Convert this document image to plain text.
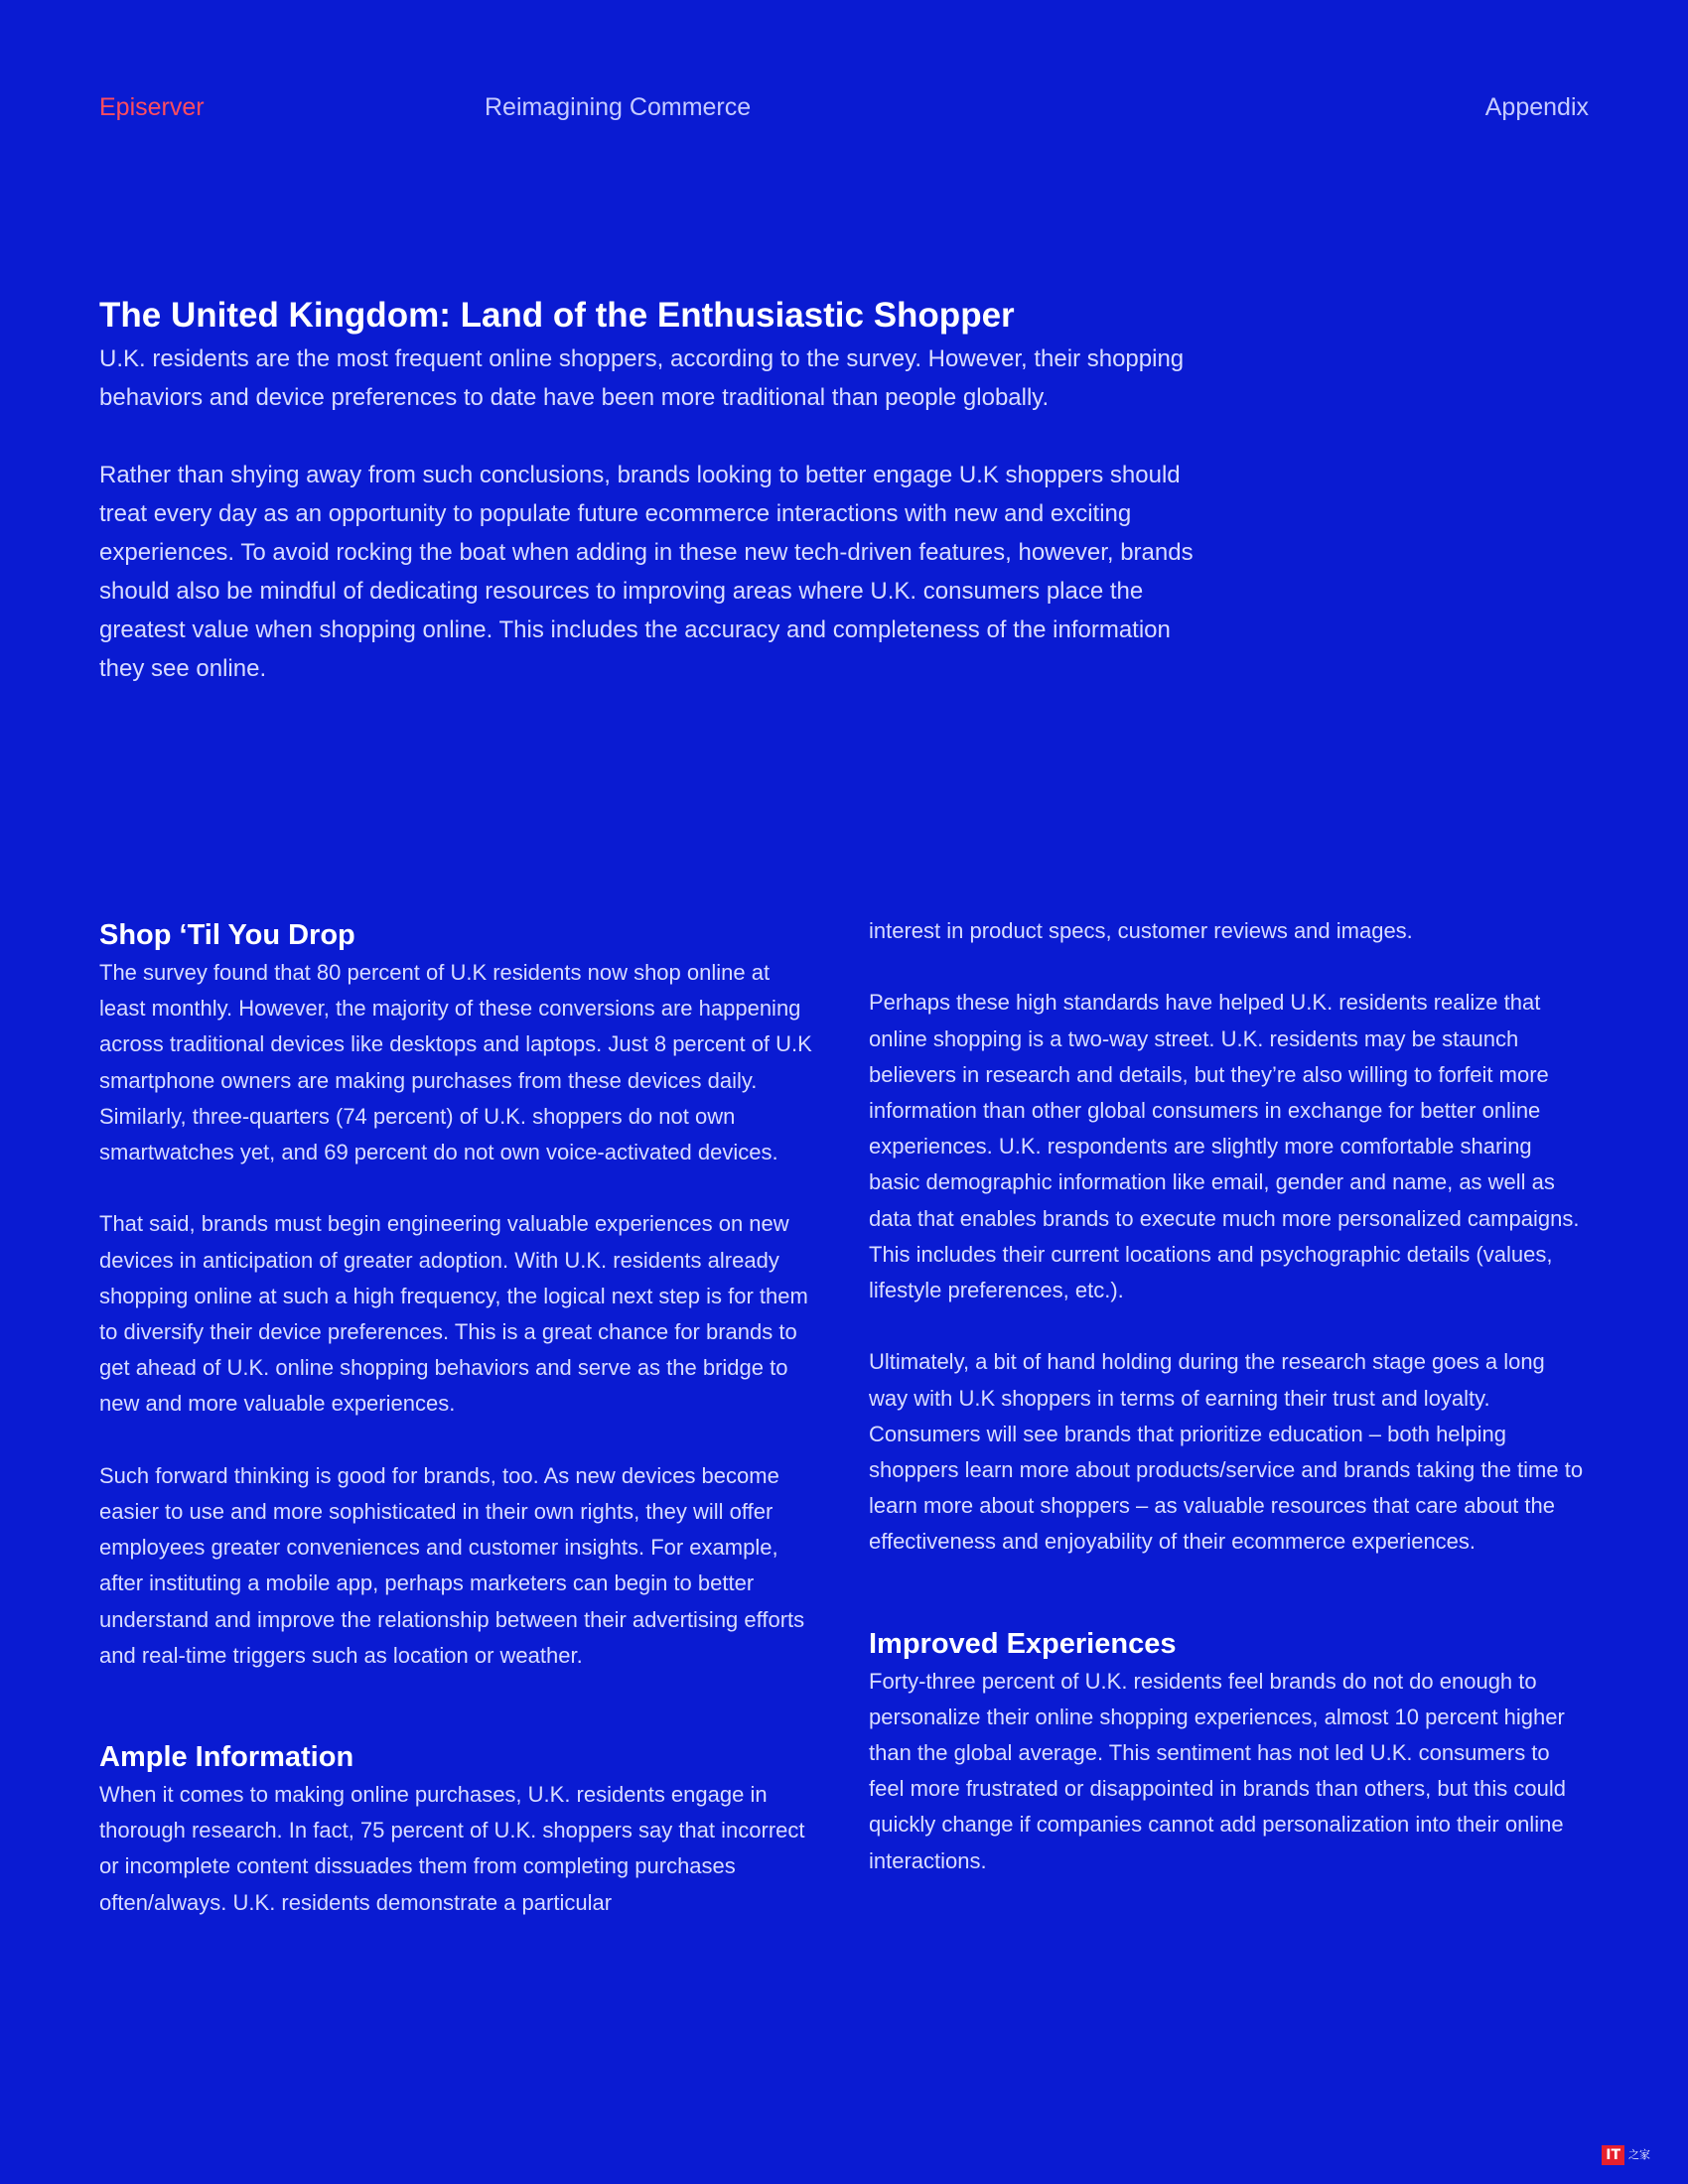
Episerver	Reimagining Commerce	Appendix
The United Kingdom: Land of the Enthusiastic Shopper

U.K. residents are the most frequent online shoppers, according to the survey. However, their shopping behaviors and device preferences to date have been more traditional than people globally.

Rather than shying away from such conclusions, brands looking to better engage U.K shoppers should treat every day as an opportunity to populate future ecommerce interactions with new and exciting experiences. To avoid rocking the boat when adding in these new tech-driven features, however, brands should also be mindful of dedicating resources to improving areas where U.K. consumers place the greatest value when shopping online. This includes the accuracy and completeness of the information they see online.

Shop ‘Til You Drop

The survey found that 80 percent of U.K residents now shop online at least monthly. However, the majority of these conversions are happening across traditional devices like desktops and laptops. Just 8 percent of U.K smartphone owners are making purchases from these devices daily. Similarly, three-quarters (74 percent) of U.K. shoppers do not own smartwatches yet, and 69 percent do not own voice-activated devices.

That said, brands must begin engineering valuable experiences on new devices in anticipation of greater adoption. With U.K. residents already shopping online at such a high frequency, the logical next step is for them to diversify their device preferences. This is a great chance for brands to get ahead of U.K. online shopping behaviors and serve as the bridge to new and more valuable experiences.

Such forward thinking is good for brands, too. As new devices become easier to use and more sophisticated in their own rights, they will offer employees greater conveniences and customer insights. For example, after instituting a mobile app, perhaps marketers can begin to better understand and improve the relationship between their advertising efforts and real-time triggers such as location or weather.

Ample Information

When it comes to making online purchases, U.K. residents engage in thorough research. In fact, 75 percent of U.K. shoppers say that incorrect or incomplete content dissuades them from completing purchases often/always. U.K. residents demonstrate a particular

interest in product specs, customer reviews and images.

Perhaps these high standards have helped U.K. residents realize that online shopping is a two-way street. U.K. residents may be staunch believers in research and details, but they’re also willing to forfeit more information than other global consumers in exchange for better online experiences. U.K. respondents are slightly more comfortable sharing basic demographic information like email, gender and name, as well as data that enables brands to execute much more personalized campaigns. This includes their current locations and psychographic details (values, lifestyle preferences, etc.).

Ultimately, a bit of hand holding during the research stage goes a long way with U.K shoppers in terms of earning their trust and loyalty. Consumers will see brands that prioritize education – both helping shoppers learn more about products/service and brands taking the time to learn more about shoppers – as valuable resources that care about the effectiveness and enjoyability of their ecommerce experiences.

Improved Experiences

Forty-three percent of U.K. residents feel brands do not do enough to personalize their online shopping experiences, almost 10 percent higher than the global average. This sentiment has not led U.K. consumers to feel more frustrated or disappointed in brands than others, but this could quickly change if companies cannot add personalization into their online interactions.

IT 之家
